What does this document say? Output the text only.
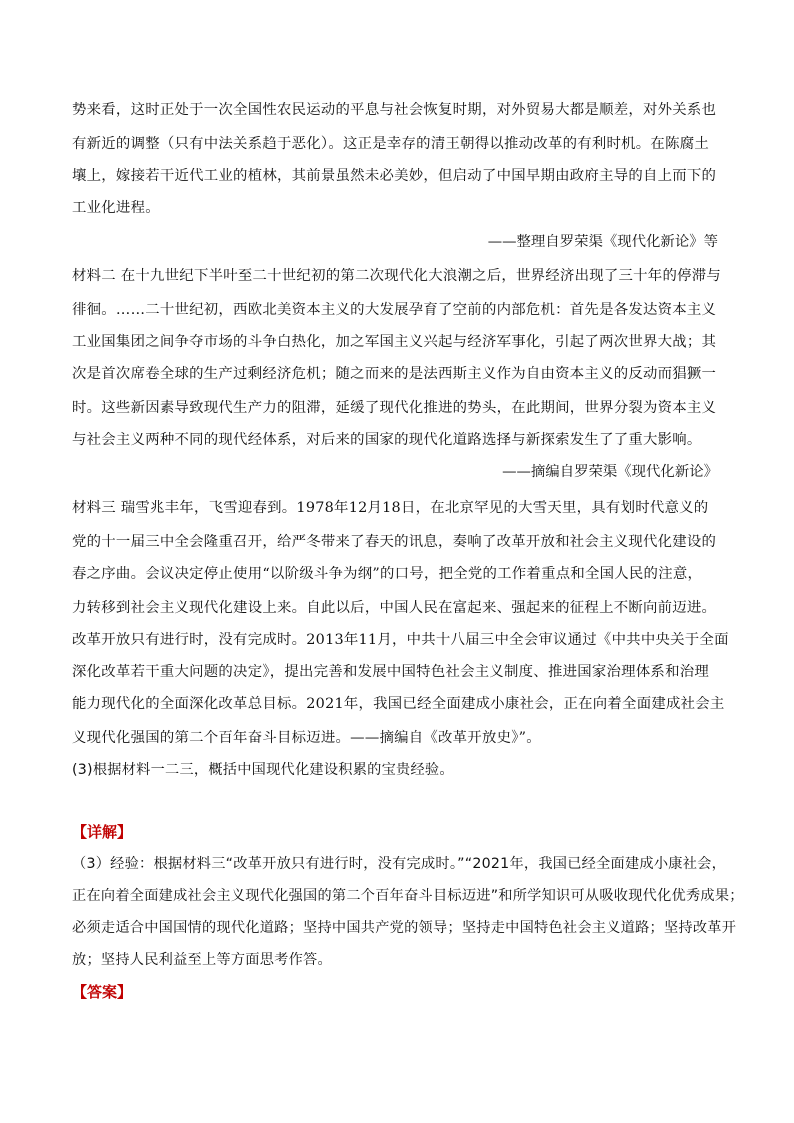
势来看，这时正处于一次全国性农民运动的平息与社会恢复时期，对外贸易大都是顺差，对外关系也
有新近的调整（只有中法关系趋于恶化）。这正是幸存的清王朝得以推动改革的有利时机。在陈腐土
壤上，嫁接若干近代工业的植林，其前景虽然未必美妙，但启动了中国早期由政府主导的自上而下的
工业化进程。
——整理自罗荣渠《现代化新论》等
材料二 在十九世纪下半叶至二十世纪初的第二次现代化大浪潮之后，世界经济出现了三十年的停滞与
徘徊。……二十世纪初，西欧北美资本主义的大发展孕育了空前的内部危机：首先是各发达资本主义
工业国集团之间争夺市场的斗争白热化，加之军国主义兴起与经济军事化，引起了两次世界大战；其
次是首次席卷全球的生产过剩经济危机；随之而来的是法西斯主义作为自由资本主义的反动而猖獗一
时。这些新因素导致现代生产力的阻滞，延缓了现代化推进的势头，在此期间，世界分裂为资本主义
与社会主义两种不同的现代经体系，对后来的国家的现代化道路选择与新探索发生了了重大影响。
——摘编自罗荣渠《现代化新论》
材料三 瑞雪兆丰年，飞雪迎春到。1978年12月18日，在北京罕见的大雪天里，具有划时代意义的
党的十一届三中全会隆重召开，给严冬带来了春天的讯息，奏响了改革开放和社会主义现代化建设的
春之序曲。会议决定停止使用“以阶级斗争为纲”的口号，把全党的工作着重点和全国人民的注意，
力转移到社会主义现代化建设上来。自此以后，中国人民在富起来、强起来的征程上不断向前迈进。
改革开放只有进行时，没有完成时。2013年11月，中共十八届三中全会审议通过《中共中央关于全面
深化改革若干重大问题的决定》，提出完善和发展中国特色社会主义制度、推进国家治理体系和治理
能力现代化的全面深化改革总目标。2021年，我国已经全面建成小康社会，正在向着全面建成社会主
义现代化强国的第二个百年奋斗目标迈进。——摘编自《改革开放史》”。
(3)根据材料一二三，概括中国现代化建设积累的宝贵经验。
【详解】
（3）经验：根据材料三“改革开放只有进行时，没有完成时。”“2021年，我国已经全面建成小康社会，
正在向着全面建成社会主义现代化强国的第二个百年奋斗目标迈进”和所学知识可从吸收现代化优秀成果；
必须走适合中国国情的现代化道路；坚持中国共产党的领导；坚持走中国特色社会主义道路；坚持改革开
放；坚持人民利益至上等方面思考作答。
【答案】
